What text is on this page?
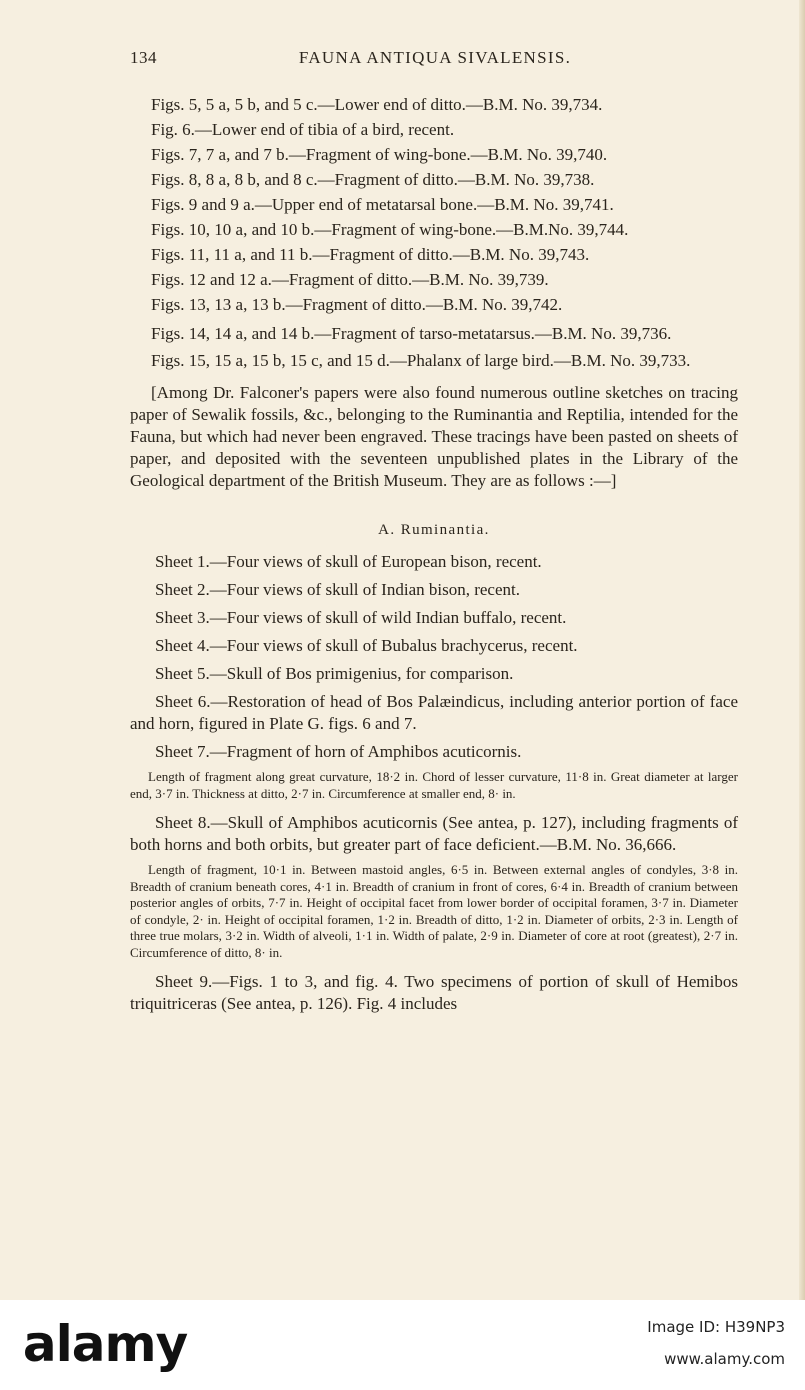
134	FAUNA ANTIQUA SIVALENSIS.

Figs. 5, 5 a, 5 b, and 5 c.—Lower end of ditto.—B.M. No. 39,734.

Fig. 6.—Lower end of tibia of a bird, recent.

Figs. 7, 7 a, and 7 b.—Fragment of wing-bone.—B.M. No. 39,740.

Figs. 8, 8 a, 8 b, and 8 c.—Fragment of ditto.—B.M. No. 39,738.

Figs. 9 and 9 a.—Upper end of metatarsal bone.—B.M. No. 39,741.

Figs. 10, 10 a, and 10 b.—Fragment of wing-bone.—B.M.No. 39,744.

Figs. 11, 11 a, and 11 b.—Fragment of ditto.—B.M. No. 39,743.

Figs. 12 and 12 a.—Fragment of ditto.—B.M. No. 39,739.

Figs. 13, 13 a, 13 b.—Fragment of ditto.—B.M. No. 39,742.

Figs. 14, 14 a, and 14 b.—Fragment of tarso-metatarsus.—B.M. No. 39,736.

Figs. 15, 15 a, 15 b, 15 c, and 15 d.—Phalanx of large bird.—B.M. No. 39,733.

[Among Dr. Falconer's papers were also found numerous outline sketches on tracing paper of Sewalik fossils, &c., belonging to the Ruminantia and Reptilia, intended for the Fauna, but which had never been engraved. These tracings have been pasted on sheets of paper, and deposited with the seventeen unpublished plates in the Library of the Geological department of the British Museum. They are as follows :—]

A. Ruminantia.

Sheet 1.—Four views of skull of European bison, recent.

Sheet 2.—Four views of skull of Indian bison, recent.

Sheet 3.—Four views of skull of wild Indian buffalo, recent.

Sheet 4.—Four views of skull of Bubalus brachycerus, recent.

Sheet 5.—Skull of Bos primigenius, for comparison.

Sheet 6.—Restoration of head of Bos Palæindicus, including anterior portion of face and horn, figured in Plate G. figs. 6 and 7.

Sheet 7.—Fragment of horn of Amphibos acuticornis.

Length of fragment along great curvature, 18·2 in. Chord of lesser curvature, 11·8 in. Great diameter at larger end, 3·7 in. Thickness at ditto, 2·7 in. Circumference at smaller end, 8· in.

Sheet 8.—Skull of Amphibos acuticornis (See antea, p. 127), including fragments of both horns and both orbits, but greater part of face deficient.—B.M. No. 36,666.

Length of fragment, 10·1 in. Between mastoid angles, 6·5 in. Between external angles of condyles, 3·8 in. Breadth of cranium beneath cores, 4·1 in. Breadth of cranium in front of cores, 6·4 in. Breadth of cranium between posterior angles of orbits, 7·7 in. Height of occipital facet from lower border of occipital foramen, 3·7 in. Diameter of condyle, 2· in. Height of occipital foramen, 1·2 in. Breadth of ditto, 1·2 in. Diameter of orbits, 2·3 in. Length of three true molars, 3·2 in. Width of alveoli, 1·1 in. Width of palate, 2·9 in. Diameter of core at root (greatest), 2·7 in. Circumference of ditto, 8· in.

Sheet 9.—Figs. 1 to 3, and fig. 4. Two specimens of portion of skull of Hemibos triquitriceras (See antea, p. 126). Fig. 4 includes

alamy	Image ID: H39NP3
www.alamy.com
